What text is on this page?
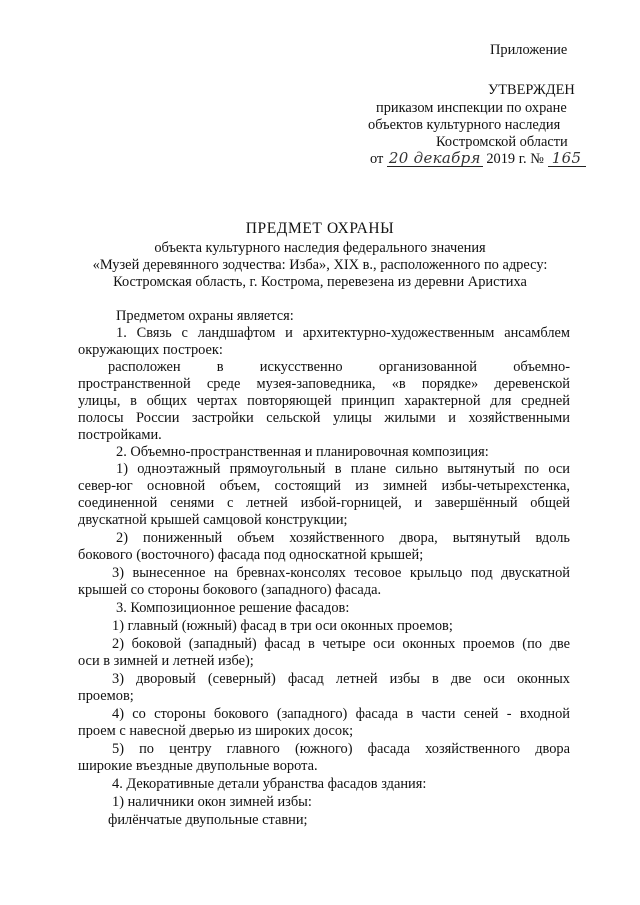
Приложение
УТВЕРЖДЕН
приказом инспекции по охране
объектов культурного наследия
Костромской области
от 20 декабря 2019 г. № 165
ПРЕДМЕТ ОХРАНЫ
объекта культурного наследия федерального значения
«Музей деревянного зодчества: Изба», XIX в., расположенного по адресу:
Костромская область, г. Кострома, перевезена из деревни Аристиха
Предметом охраны является:
1. Связь с ландшафтом и архитектурно-художественным ансамблем
окружающих построек:
расположен в искусственно организованной объемно-
пространственной среде музея-заповедника, «в порядке» деревенской
улицы, в общих чертах повторяющей принцип характерной для средней
полосы России застройки сельской улицы жилыми и хозяйственными
постройками.
2. Объемно-пространственная и планировочная композиция:
1) одноэтажный прямоугольный в плане сильно вытянутый по оси
север-юг основной объем, состоящий из зимней избы-четырехстенка,
соединенной сенями с летней избой-горницей, и завершённый общей
двускатной крышей самцовой конструкции;
2) пониженный объем хозяйственного двора, вытянутый вдоль
бокового (восточного) фасада под односкатной крышей;
3) вынесенное на бревнах-консолях тесовое крыльцо под двускатной
крышей со стороны бокового (западного) фасада.
3. Композиционное решение фасадов:
1) главный (южный) фасад в три оси оконных проемов;
2) боковой (западный) фасад в четыре оси оконных проемов (по две
оси в зимней и летней избе);
3) дворовый (северный) фасад летней избы в две оси оконных
проемов;
4) со стороны бокового (западного) фасада в части сеней - входной
проем с навесной дверью из широких досок;
5) по центру главного (южного) фасада хозяйственного двора
широкие въездные двупольные ворота.
4. Декоративные детали убранства фасадов здания:
1) наличники окон зимней избы:
филёнчатые двупольные ставни;
